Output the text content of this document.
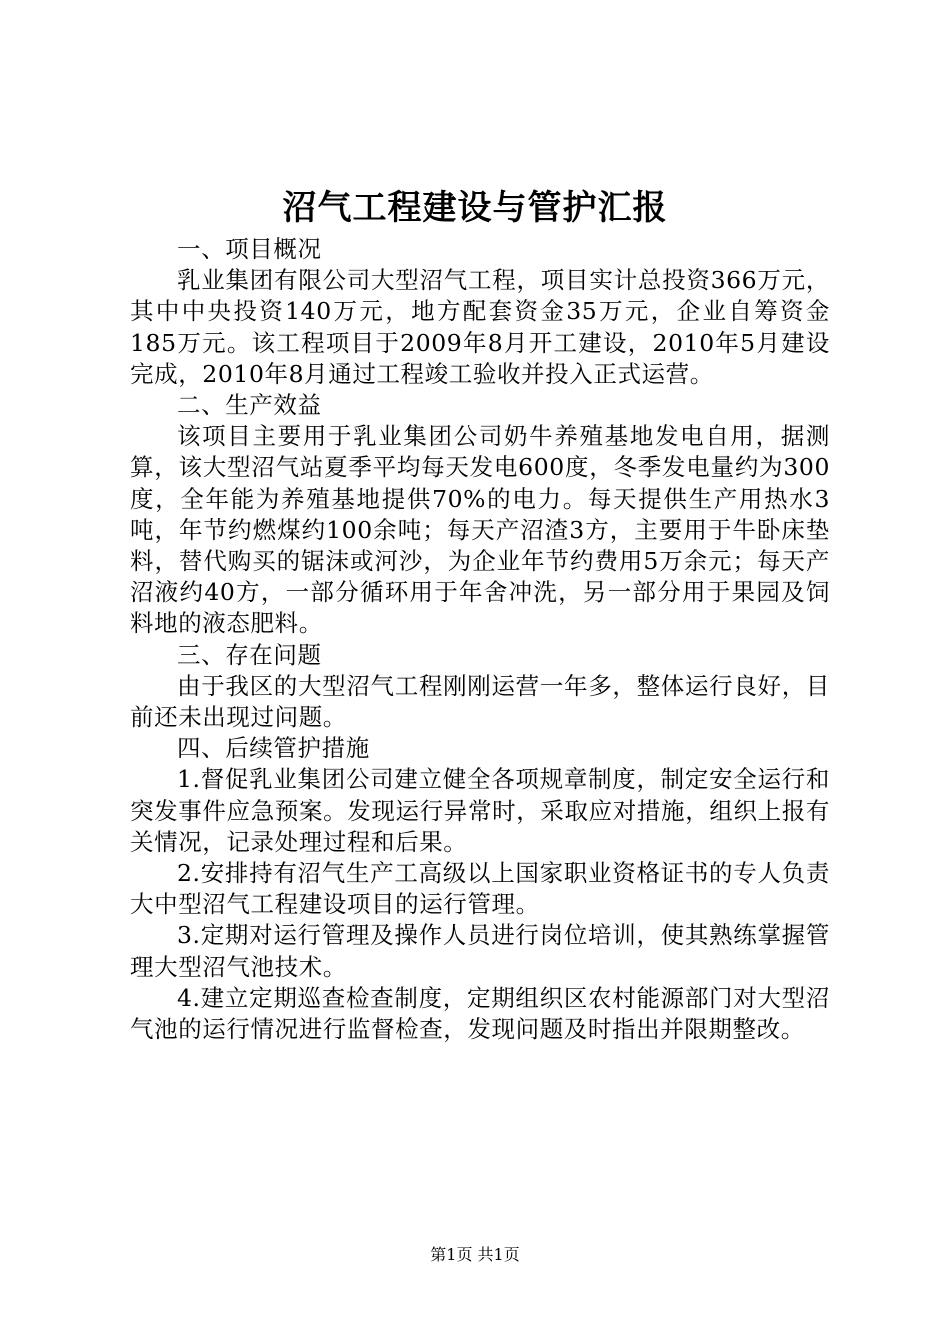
沼气工程建设与管护汇报

一、项目概况

乳业集团有限公司大型沼气工程，项目实计总投资366万元，其中中央投资140万元，地方配套资金35万元，企业自筹资金185万元。该工程项目于2009年8月开工建设，2010年5月建设完成，2010年8月通过工程竣工验收并投入正式运营。

二、生产效益

该项目主要用于乳业集团公司奶牛养殖基地发电自用，据测算，该大型沼气站夏季平均每天发电600度，冬季发电量约为300度，全年能为养殖基地提供70%的电力。每天提供生产用热水3吨，年节约燃煤约100余吨；每天产沼渣3方，主要用于牛卧床垫料，替代购买的锯沫或河沙，为企业年节约费用5万余元；每天产沼液约40方，一部分循环用于年舍冲洗，另一部分用于果园及饲料地的液态肥料。

三、存在问题

由于我区的大型沼气工程刚刚运营一年多，整体运行良好，目前还未出现过问题。

四、后续管护措施

1.督促乳业集团公司建立健全各项规章制度，制定安全运行和突发事件应急预案。发现运行异常时，采取应对措施，组织上报有关情况，记录处理过程和后果。

2.安排持有沼气生产工高级以上国家职业资格证书的专人负责大中型沼气工程建设项目的运行管理。

3.定期对运行管理及操作人员进行岗位培训，使其熟练掌握管理大型沼气池技术。

4.建立定期巡查检查制度，定期组织区农村能源部门对大型沼气池的运行情况进行监督检查，发现问题及时指出并限期整改。

第1页 共1页
